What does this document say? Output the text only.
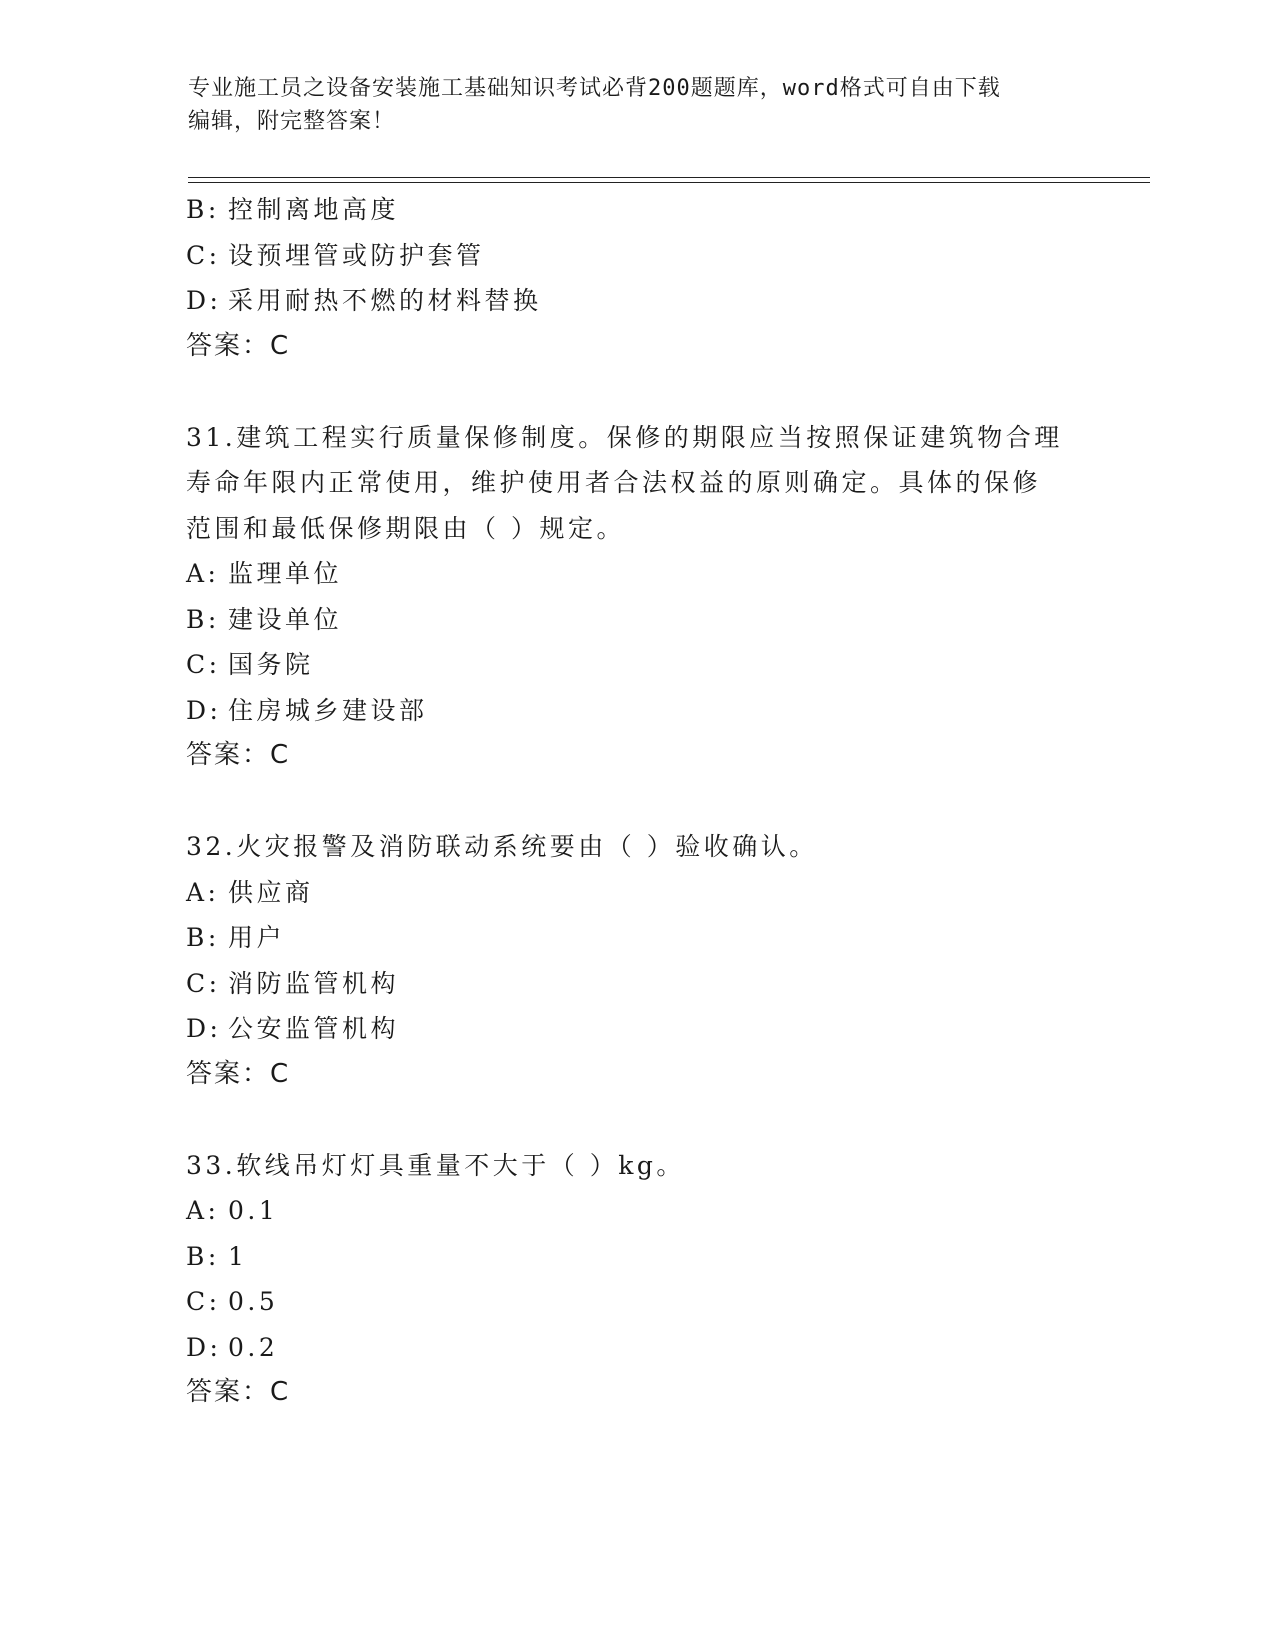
专业施工员之设备安装施工基础知识考试必背200题题库，word格式可自由下载
编辑，附完整答案！
B: 控制离地高度
C: 设预埋管或防护套管
D: 采用耐热不燃的材料替换
答案：C
31.建筑工程实行质量保修制度。保修的期限应当按照保证建筑物合理
寿命年限内正常使用，维护使用者合法权益的原则确定。具体的保修
范围和最低保修期限由（ ）规定。
A: 监理单位
B: 建设单位
C: 国务院
D: 住房城乡建设部
答案：C
32.火灾报警及消防联动系统要由（ ）验收确认。
A: 供应商
B: 用户
C: 消防监管机构
D: 公安监管机构
答案：C
33.软线吊灯灯具重量不大于（ ）kg。
A: 0.1
B: 1
C: 0.5
D: 0.2
答案：C
